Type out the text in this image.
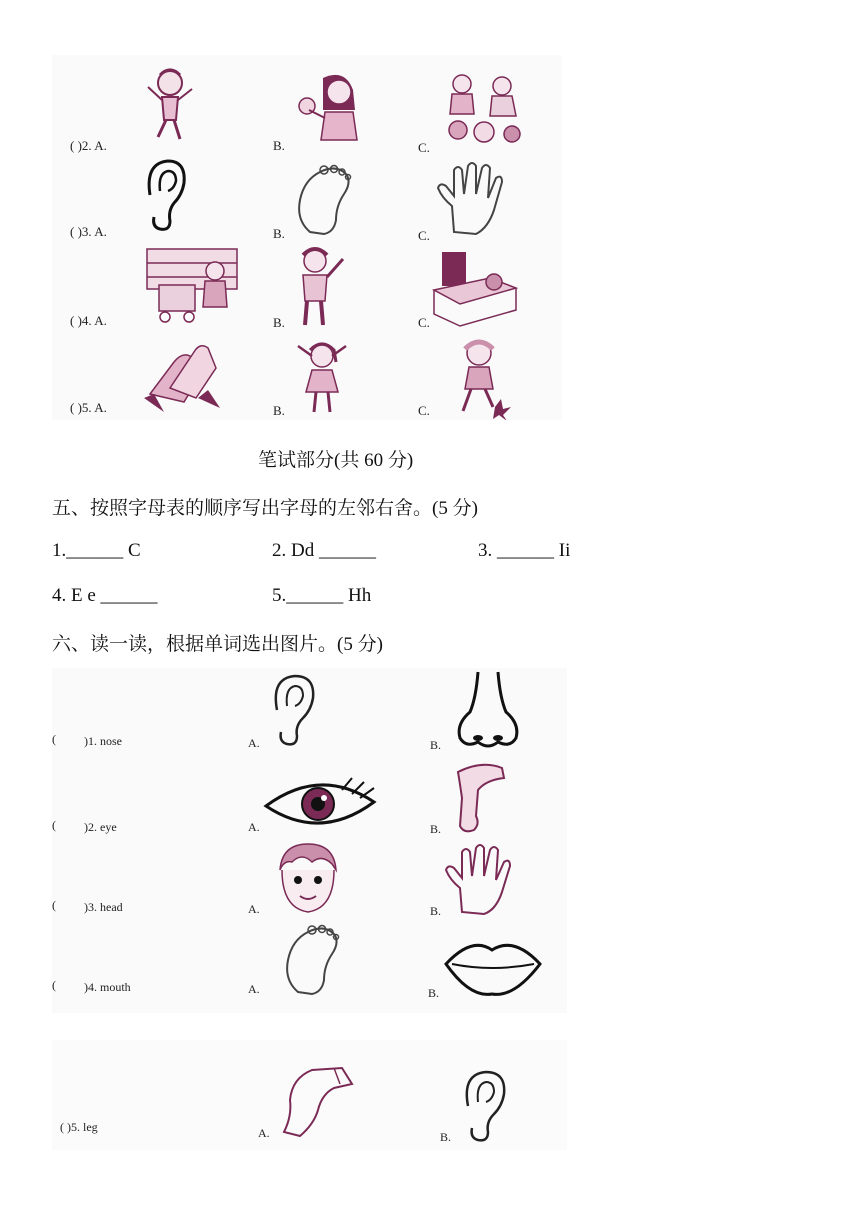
( )2. A.	B.	C.
( )3. A.	B.	C.
( )4. A.	B.	C.
( )5. A.	B.	C.
笔试部分(共 60 分)
五、按照字母表的顺序写出字母的左邻右舍。(5 分)
1.______ C	2. Dd ______	3. ______ Ii
4. E e ______	5.______ Hh
六、读一读，根据单词选出图片。(5 分)
( )1. nose	A.	B.
( )2. eye	A.	B.
( )3. head	A.	B.
( )4. mouth	A.	B.
( )5. leg	A.	B.
